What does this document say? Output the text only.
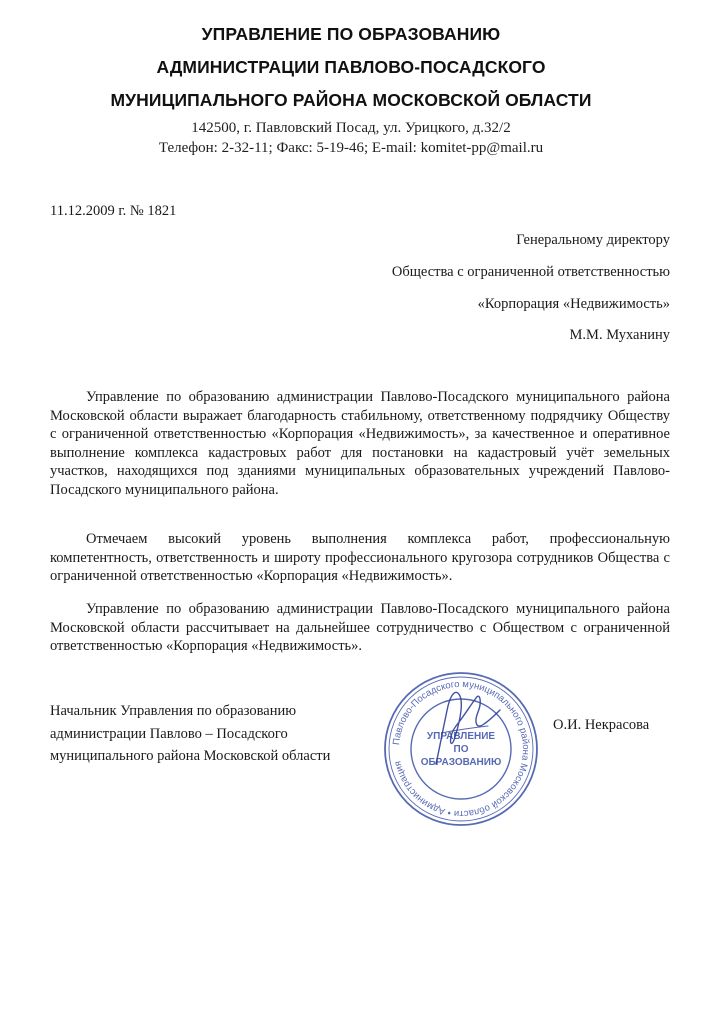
УПРАВЛЕНИЕ ПО ОБРАЗОВАНИЮ
АДМИНИСТРАЦИИ ПАВЛОВО-ПОСАДСКОГО
МУНИЦИПАЛЬНОГО РАЙОНА МОСКОВСКОЙ ОБЛАСТИ
142500, г. Павловский Посад, ул. Урицкого, д.32/2
Телефон: 2-32-11; Факс: 5-19-46; E-mail: komitet-pp@mail.ru
11.12.2009 г. № 1821
Генеральному директору
Общества с ограниченной ответственностью
«Корпорация «Недвижимость»
М.М. Муханину
Управление по образованию администрации Павлово-Посадского муниципального района Московской области выражает благодарность стабильному, ответственному подрядчику Обществу с ограниченной ответственностью «Корпорация «Недвижимость», за качественное и оперативное выполнение комплекса кадастровых работ для постановки на кадастровый учёт земельных участков, находящихся под зданиями муниципальных образовательных учреждений Павлово-Посадского муниципального района.
Отмечаем высокий уровень выполнения комплекса работ, профессиональную компетентность, ответственность и широту профессионального кругозора сотрудников Общества с ограниченной ответственностью «Корпорация «Недвижимость».
Управление по образованию администрации Павлово-Посадского муниципального района Московской области рассчитывает на дальнейшее сотрудничество с Обществом с ограниченной ответственностью «Корпорация «Недвижимость».
Начальник Управления по образованию
администрации Павлово – Посадского
муниципального района Московской области
О.И. Некрасова
Павлово-Посадского муниципального района Московской области • Администрация
УПРАВЛЕНИЕ
ПО
ОБРАЗОВАНИЮ
